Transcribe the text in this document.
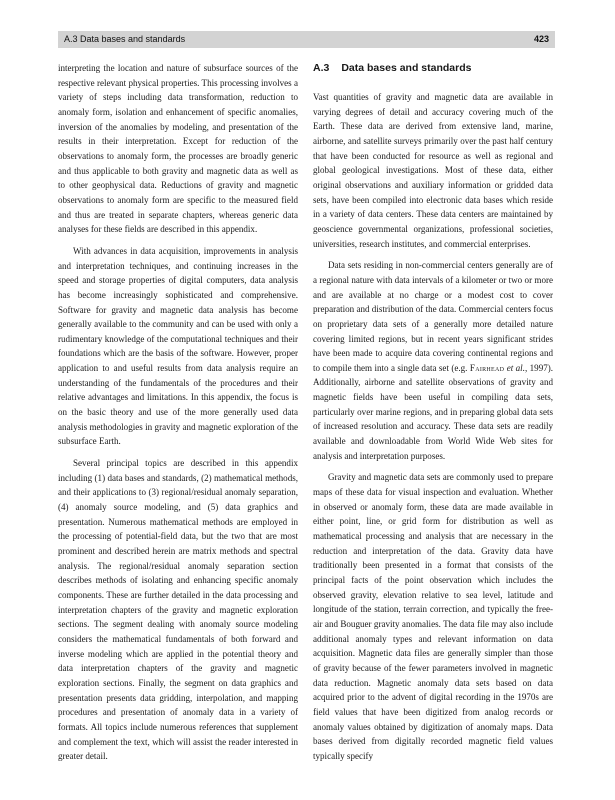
A.3 Data bases and standards	423

interpreting the location and nature of subsurface sources of the respective relevant physical properties. This processing involves a variety of steps including data transformation, reduction to anomaly form, isolation and enhancement of specific anomalies, inversion of the anomalies by modeling, and presentation of the results in their interpretation. Except for reduction of the observations to anomaly form, the processes are broadly generic and thus applicable to both gravity and magnetic data as well as to other geophysical data. Reductions of gravity and magnetic observations to anomaly form are specific to the measured field and thus are treated in separate chapters, whereas generic data analyses for these fields are described in this appendix.

With advances in data acquisition, improvements in analysis and interpretation techniques, and continuing increases in the speed and storage properties of digital computers, data analysis has become increasingly sophisticated and comprehensive. Software for gravity and magnetic data analysis has become generally available to the community and can be used with only a rudimentary knowledge of the computational techniques and their foundations which are the basis of the software. However, proper application to and useful results from data analysis require an understanding of the fundamentals of the procedures and their relative advantages and limitations. In this appendix, the focus is on the basic theory and use of the more generally used data analysis methodologies in gravity and magnetic exploration of the subsurface Earth.

Several principal topics are described in this appendix including (1) data bases and standards, (2) mathematical methods, and their applications to (3) regional/residual anomaly separation, (4) anomaly source modeling, and (5) data graphics and presentation. Numerous mathematical methods are employed in the processing of potential-field data, but the two that are most prominent and described herein are matrix methods and spectral analysis. The regional/residual anomaly separation section describes methods of isolating and enhancing specific anomaly components. These are further detailed in the data processing and interpretation chapters of the gravity and magnetic exploration sections. The segment dealing with anomaly source modeling considers the mathematical fundamentals of both forward and inverse modeling which are applied in the potential theory and data interpretation chapters of the gravity and magnetic exploration sections. Finally, the segment on data graphics and presentation presents data gridding, interpolation, and mapping procedures and presentation of anomaly data in a variety of formats. All topics include numerous references that supplement and complement the text, which will assist the reader interested in greater detail.

A.3 Data bases and standards

Vast quantities of gravity and magnetic data are available in varying degrees of detail and accuracy covering much of the Earth. These data are derived from extensive land, marine, airborne, and satellite surveys primarily over the past half century that have been conducted for resource as well as regional and global geological investigations. Most of these data, either original observations and auxiliary information or gridded data sets, have been compiled into electronic data bases which reside in a variety of data centers. These data centers are maintained by geoscience governmental organizations, professional societies, universities, research institutes, and commercial enterprises.

Data sets residing in non-commercial centers generally are of a regional nature with data intervals of a kilometer or two or more and are available at no charge or a modest cost to cover preparation and distribution of the data. Commercial centers focus on proprietary data sets of a generally more detailed nature covering limited regions, but in recent years significant strides have been made to acquire data covering continental regions and to compile them into a single data set (e.g. Fairhead et al., 1997). Additionally, airborne and satellite observations of gravity and magnetic fields have been useful in compiling data sets, particularly over marine regions, and in preparing global data sets of increased resolution and accuracy. These data sets are readily available and downloadable from World Wide Web sites for analysis and interpretation purposes.

Gravity and magnetic data sets are commonly used to prepare maps of these data for visual inspection and evaluation. Whether in observed or anomaly form, these data are made available in either point, line, or grid form for distribution as well as mathematical processing and analysis that are necessary in the reduction and interpretation of the data. Gravity data have traditionally been presented in a format that consists of the principal facts of the point observation which includes the observed gravity, elevation relative to sea level, latitude and longitude of the station, terrain correction, and typically the free-air and Bouguer gravity anomalies. The data file may also include additional anomaly types and relevant information on data acquisition. Magnetic data files are generally simpler than those of gravity because of the fewer parameters involved in magnetic data reduction. Magnetic anomaly data sets based on data acquired prior to the advent of digital recording in the 1970s are field values that have been digitized from analog records or anomaly values obtained by digitization of anomaly maps. Data bases derived from digitally recorded magnetic field values typically specify
